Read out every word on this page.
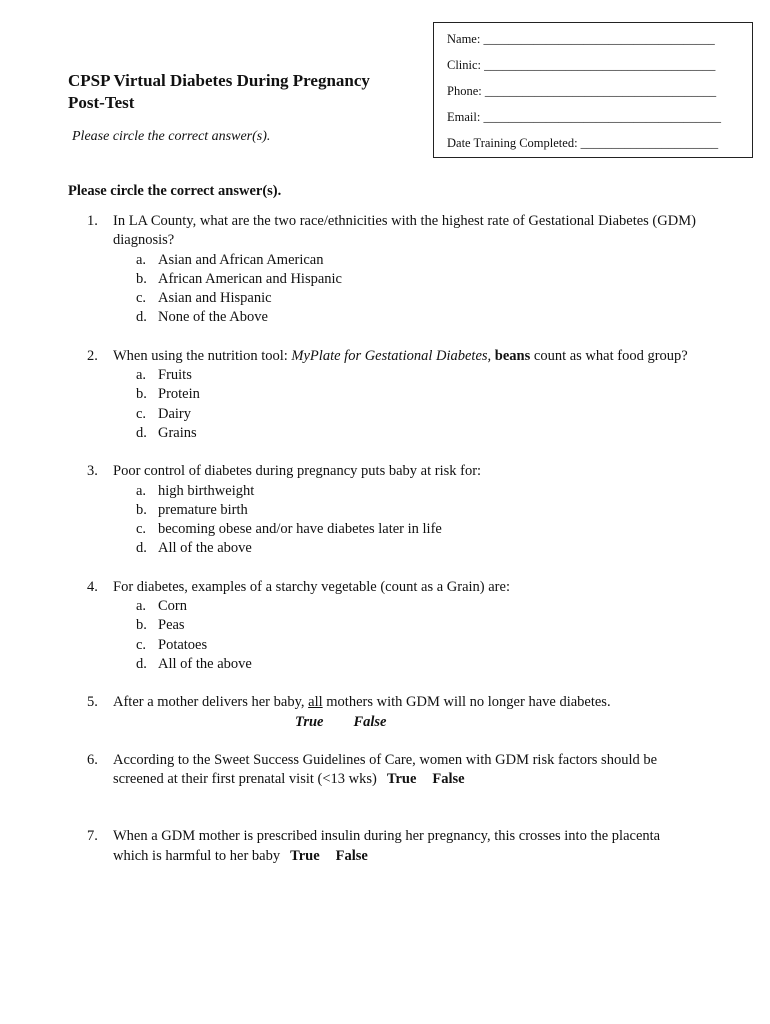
Name: _____________________________________
Clinic: _____________________________________
Phone: _____________________________________
Email: ______________________________________
Date Training Completed: ______________________
CPSP Virtual Diabetes During Pregnancy
Post-Test
Please circle the correct answer(s).
Please circle the correct answer(s).
1. In LA County, what are the two race/ethnicities with the highest rate of Gestational Diabetes (GDM) diagnosis?
a. Asian and African American
b. African American and Hispanic
c. Asian and Hispanic
d. None of the Above
2. When using the nutrition tool: MyPlate for Gestational Diabetes, beans count as what food group?
a. Fruits
b. Protein
c. Dairy
d. Grains
3. Poor control of diabetes during pregnancy puts baby at risk for:
a. high birthweight
b. premature birth
c. becoming obese and/or have diabetes later in life
d. All of the above
4. For diabetes, examples of a starchy vegetable (count as a Grain) are:
a. Corn
b. Peas
c. Potatoes
d. All of the above
5. After a mother delivers her baby, all mothers with GDM will no longer have diabetes.
True False
6. According to the Sweet Success Guidelines of Care, women with GDM risk factors should be screened at their first prenatal visit (<13 wks) True False
7. When a GDM mother is prescribed insulin during her pregnancy, this crosses into the placenta which is harmful to her baby True False
